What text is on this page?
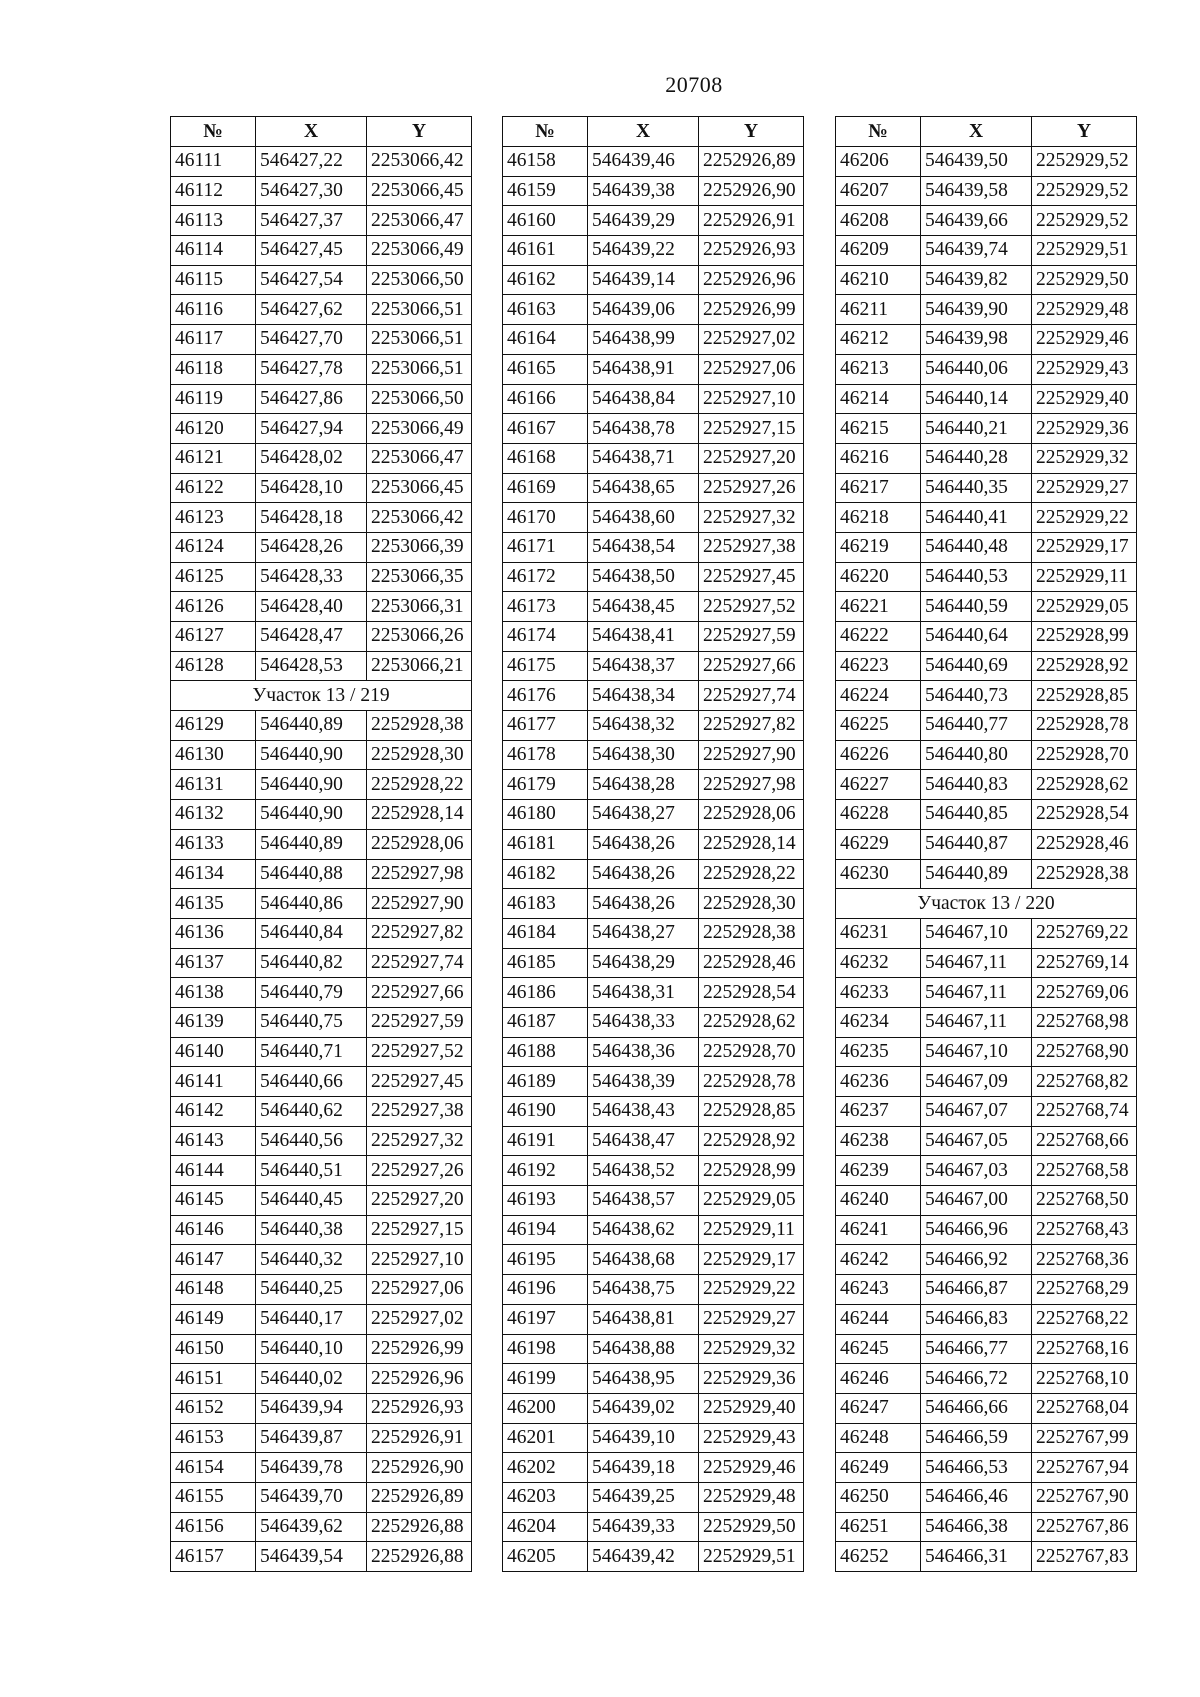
20708
№	X	Y
46111	546427,22	2253066,42
46112	546427,30	2253066,45
46113	546427,37	2253066,47
46114	546427,45	2253066,49
46115	546427,54	2253066,50
46116	546427,62	2253066,51
46117	546427,70	2253066,51
46118	546427,78	2253066,51
46119	546427,86	2253066,50
46120	546427,94	2253066,49
46121	546428,02	2253066,47
46122	546428,10	2253066,45
46123	546428,18	2253066,42
46124	546428,26	2253066,39
46125	546428,33	2253066,35
46126	546428,40	2253066,31
46127	546428,47	2253066,26
46128	546428,53	2253066,21
Участок 13 / 219		
46129	546440,89	2252928,38
46130	546440,90	2252928,30
46131	546440,90	2252928,22
46132	546440,90	2252928,14
46133	546440,89	2252928,06
46134	546440,88	2252927,98
46135	546440,86	2252927,90
46136	546440,84	2252927,82
46137	546440,82	2252927,74
46138	546440,79	2252927,66
46139	546440,75	2252927,59
46140	546440,71	2252927,52
46141	546440,66	2252927,45
46142	546440,62	2252927,38
46143	546440,56	2252927,32
46144	546440,51	2252927,26
46145	546440,45	2252927,20
46146	546440,38	2252927,15
46147	546440,32	2252927,10
46148	546440,25	2252927,06
46149	546440,17	2252927,02
46150	546440,10	2252926,99
46151	546440,02	2252926,96
46152	546439,94	2252926,93
46153	546439,87	2252926,91
46154	546439,78	2252926,90
46155	546439,70	2252926,89
46156	546439,62	2252926,88
46157	546439,54	2252926,88
№	X	Y
46158	546439,46	2252926,89
46159	546439,38	2252926,90
46160	546439,29	2252926,91
46161	546439,22	2252926,93
46162	546439,14	2252926,96
46163	546439,06	2252926,99
46164	546438,99	2252927,02
46165	546438,91	2252927,06
46166	546438,84	2252927,10
46167	546438,78	2252927,15
46168	546438,71	2252927,20
46169	546438,65	2252927,26
46170	546438,60	2252927,32
46171	546438,54	2252927,38
46172	546438,50	2252927,45
46173	546438,45	2252927,52
46174	546438,41	2252927,59
46175	546438,37	2252927,66
46176	546438,34	2252927,74
46177	546438,32	2252927,82
46178	546438,30	2252927,90
46179	546438,28	2252927,98
46180	546438,27	2252928,06
46181	546438,26	2252928,14
46182	546438,26	2252928,22
46183	546438,26	2252928,30
46184	546438,27	2252928,38
46185	546438,29	2252928,46
46186	546438,31	2252928,54
46187	546438,33	2252928,62
46188	546438,36	2252928,70
46189	546438,39	2252928,78
46190	546438,43	2252928,85
46191	546438,47	2252928,92
46192	546438,52	2252928,99
46193	546438,57	2252929,05
46194	546438,62	2252929,11
46195	546438,68	2252929,17
46196	546438,75	2252929,22
46197	546438,81	2252929,27
46198	546438,88	2252929,32
46199	546438,95	2252929,36
46200	546439,02	2252929,40
46201	546439,10	2252929,43
46202	546439,18	2252929,46
46203	546439,25	2252929,48
46204	546439,33	2252929,50
46205	546439,42	2252929,51
№	X	Y
46206	546439,50	2252929,52
46207	546439,58	2252929,52
46208	546439,66	2252929,52
46209	546439,74	2252929,51
46210	546439,82	2252929,50
46211	546439,90	2252929,48
46212	546439,98	2252929,46
46213	546440,06	2252929,43
46214	546440,14	2252929,40
46215	546440,21	2252929,36
46216	546440,28	2252929,32
46217	546440,35	2252929,27
46218	546440,41	2252929,22
46219	546440,48	2252929,17
46220	546440,53	2252929,11
46221	546440,59	2252929,05
46222	546440,64	2252928,99
46223	546440,69	2252928,92
46224	546440,73	2252928,85
46225	546440,77	2252928,78
46226	546440,80	2252928,70
46227	546440,83	2252928,62
46228	546440,85	2252928,54
46229	546440,87	2252928,46
46230	546440,89	2252928,38
Участок 13 / 220		
46231	546467,10	2252769,22
46232	546467,11	2252769,14
46233	546467,11	2252769,06
46234	546467,11	2252768,98
46235	546467,10	2252768,90
46236	546467,09	2252768,82
46237	546467,07	2252768,74
46238	546467,05	2252768,66
46239	546467,03	2252768,58
46240	546467,00	2252768,50
46241	546466,96	2252768,43
46242	546466,92	2252768,36
46243	546466,87	2252768,29
46244	546466,83	2252768,22
46245	546466,77	2252768,16
46246	546466,72	2252768,10
46247	546466,66	2252768,04
46248	546466,59	2252767,99
46249	546466,53	2252767,94
46250	546466,46	2252767,90
46251	546466,38	2252767,86
46252	546466,31	2252767,83
